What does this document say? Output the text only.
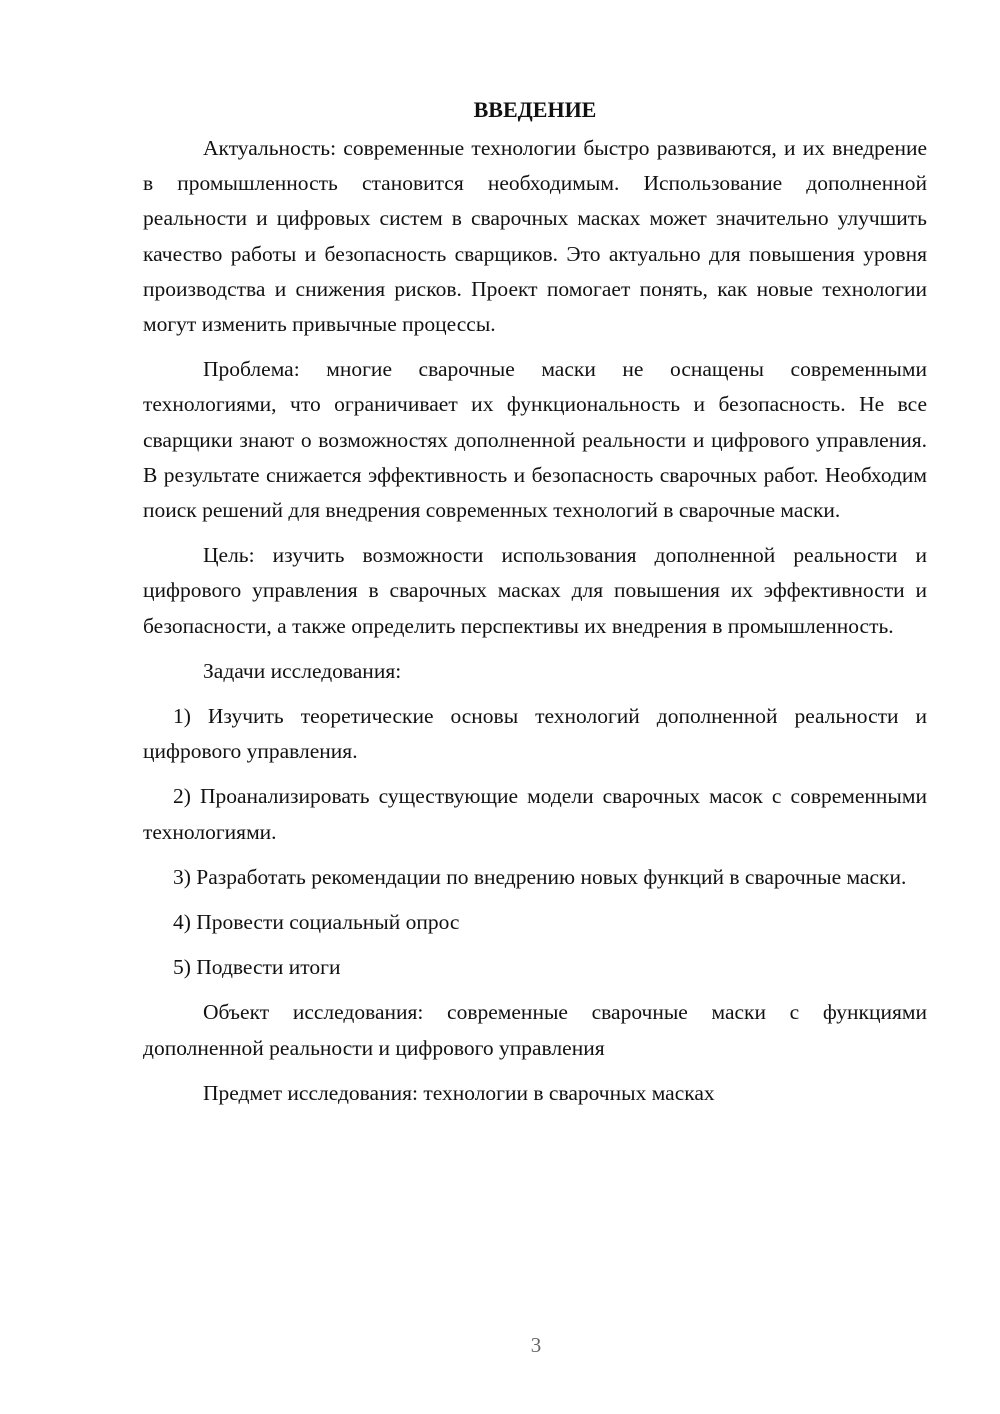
ВВЕДЕНИЕ

Актуальность: современные технологии быстро развиваются, и их внедрение в промышленность становится необходимым. Использование дополненной реальности и цифровых систем в сварочных масках может значительно улучшить качество работы и безопасность сварщиков. Это актуально для повышения уровня производства и снижения рисков. Проект помогает понять, как новые технологии могут изменить привычные процессы.

Проблема: многие сварочные маски не оснащены современными технологиями, что ограничивает их функциональность и безопасность. Не все сварщики знают о возможностях дополненной реальности и цифрового управления. В результате снижается эффективность и безопасность сварочных работ. Необходим поиск решений для внедрения современных технологий в сварочные маски.

Цель: изучить возможности использования дополненной реальности и цифрового управления в сварочных масках для повышения их эффективности и безопасности, а также определить перспективы их внедрения в промышленность.

Задачи исследования:

1) Изучить теоретические основы технологий дополненной реальности и цифрового управления.

2) Проанализировать существующие модели сварочных масок с современными технологиями.

3) Разработать рекомендации по внедрению новых функций в сварочные маски.

4) Провести социальный опрос

5) Подвести итоги

Объект исследования: современные сварочные маски с функциями дополненной реальности и цифрового управления

Предмет исследования: технологии в сварочных масках

3
